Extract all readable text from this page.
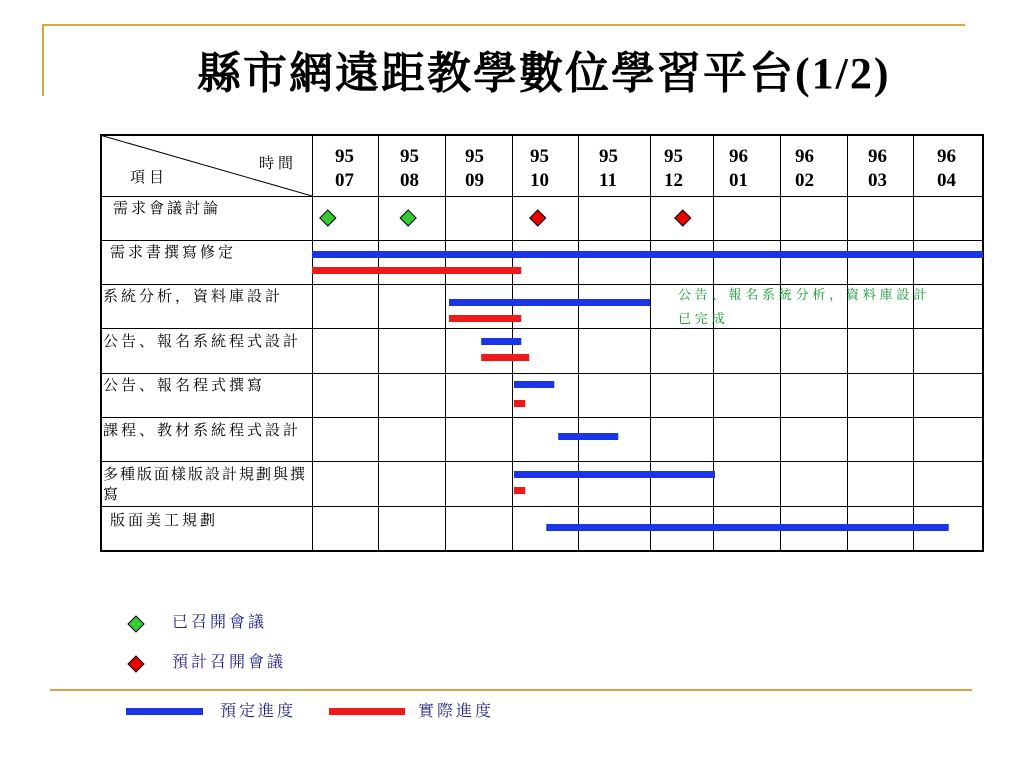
縣市網遠距教學數位學習平台(1/2)
時間
項目
95
07
95
08
95
09
95
10
95
11
95
12
96
01
96
02
96
03
96
04
需求會議討論
需求書撰寫修定
系統分析，資料庫設計
公告、報名系統程式設計
公告、報名程式撰寫
課程、教材系統程式設計
多種版面樣版設計規劃與撰寫
版面美工規劃
公告、報名系統分析，資料庫設計
已完成
已召開會議
預計召開會議
預定進度	實際進度
